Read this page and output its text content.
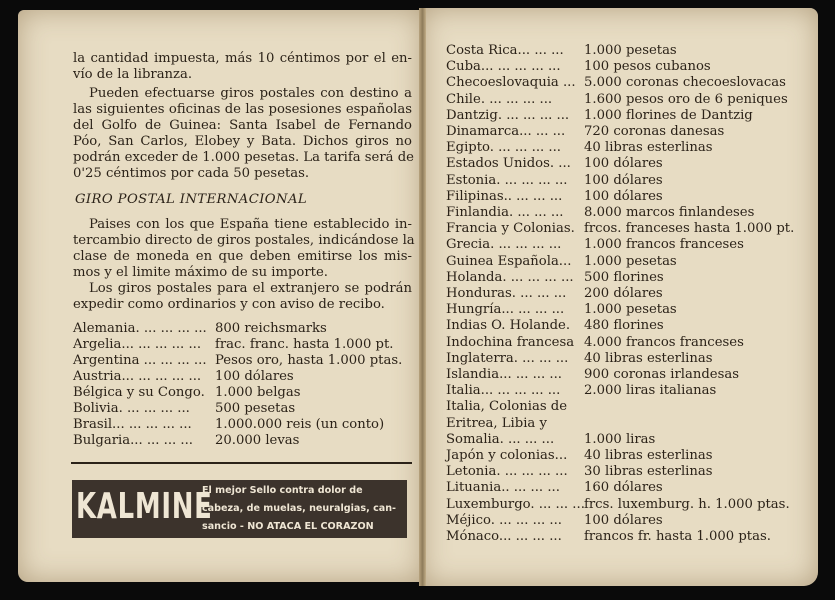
la cantidad impuesta, más 10 céntimos por el en-
vío de la libranza.
Pueden efectuarse giros postales con destino a
las siguientes oficinas de las posesiones españolas
del Golfo de Guinea: Santa Isabel de Fernando
Póo, San Carlos, Elobey y Bata. Dichos giros no
podrán exceder de 1.000 pesetas. La tarifa será de
0'25 céntimos por cada 50 pesetas.
GIRO POSTAL INTERNACIONAL
Paises con los que España tiene establecido in-
tercambio directo de giros postales, indicándose la
clase de moneda en que deben emitirse los mis-
mos y el limite máximo de su importe.
Los giros postales para el extranjero se podrán
expedir como ordinarios y con aviso de recibo.
Alemania. ... ... ... ... 800 reichsmarks
Argelia... ... ... ... ... frac. franc. hasta 1.000 pt.
Argentina ... ... ... ... Pesos oro, hasta 1.000 ptas.
Austria... ... ... ... ... 100 dólares
Bélgica y su Congo. 1.000 belgas
Bolivia. ... ... ... ... 500 pesetas
Brasil... ... ... ... ... 1.000.000 reis (un conto)
Bulgaria... ... ... ... 20.000 levas
KALMINE
El mejor Sello contra dolor de
cabeza, de muelas, neuralgias, can-
sancio - NO ATACA EL CORAZON
Costa Rica... ... ... 1.000 pesetas
Cuba... ... ... ... ... 100 pesos cubanos
Checoeslovaquia ... 5.000 coronas checoeslovacas
Chile. ... ... ... ... 1.600 pesos oro de 6 peniques
Dantzig. ... ... ... ... 1.000 florines de Dantzig
Dinamarca... ... ... 720 coronas danesas
Egipto. ... ... ... ... 40 libras esterlinas
Estados Unidos. ... 100 dólares
Estonia. ... ... ... ... 100 dólares
Filipinas.. ... ... ... 100 dólares
Finlandia. ... ... ... 8.000 marcos finlandeses
Francia y Colonias. frcos. franceses hasta 1.000 pt.
Grecia. ... ... ... ... 1.000 francos franceses
Guinea Española... 1.000 pesetas
Holanda. ... ... ... ... 500 florines
Honduras. ... ... ... 200 dólares
Hungría... ... ... ... 1.000 pesetas
Indias O. Holande. 480 florines
Indochina francesa 4.000 francos franceses
Inglaterra. ... ... ... 40 libras esterlinas
Islandia... ... ... ... 900 coronas irlandesas
Italia... ... ... ... ... 2.000 liras italianas
Italia, Colonias de
Eritrea, Libia y
Somalia. ... ... ... 1.000 liras
Japón y colonias... 40 libras esterlinas
Letonia. ... ... ... ... 30 libras esterlinas
Lituania.. ... ... ... 160 dólares
Luxemburgo. ... ... ... frcs. luxemburg. h. 1.000 ptas.
Méjico. ... ... ... ... 100 dólares
Mónaco... ... ... ... francos fr. hasta 1.000 ptas.
